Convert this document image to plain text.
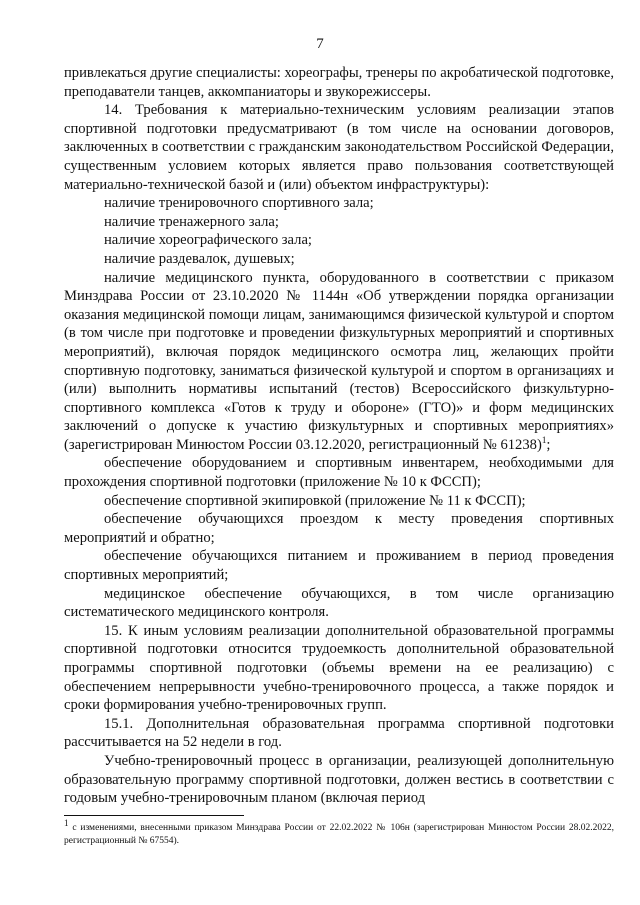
7

привлекаться другие специалисты: хореографы, тренеры по акробатической подготовке, преподаватели танцев, аккомпаниаторы и звукорежиссеры.

14. Требования к материально-техническим условиям реализации этапов спортивной подготовки предусматривают (в том числе на основании договоров, заключенных в соответствии с гражданским законодательством Российской Федерации, существенным условием которых является право пользования соответствующей материально-технической базой и (или) объектом инфраструктуры):

наличие тренировочного спортивного зала;

наличие тренажерного зала;

наличие хореографического зала;

наличие раздевалок, душевых;

наличие медицинского пункта, оборудованного в соответствии с приказом Минздрава России от 23.10.2020 № 1144н «Об утверждении порядка организации оказания медицинской помощи лицам, занимающимся физической культурой и спортом (в том числе при подготовке и проведении физкультурных мероприятий и спортивных мероприятий), включая порядок медицинского осмотра лиц, желающих пройти спортивную подготовку, заниматься физической культурой и спортом в организациях и (или) выполнить нормативы испытаний (тестов) Всероссийского физкультурно-спортивного комплекса «Готов к труду и обороне» (ГТО)» и форм медицинских заключений о допуске к участию физкультурных и спортивных мероприятиях» (зарегистрирован Минюстом России 03.12.2020, регистрационный № 61238)$^1$;

обеспечение оборудованием и спортивным инвентарем, необходимыми для прохождения спортивной подготовки (приложение № 10 к ФССП);

обеспечение спортивной экипировкой (приложение № 11 к ФССП);

обеспечение обучающихся проездом к месту проведения спортивных мероприятий и обратно;

обеспечение обучающихся питанием и проживанием в период проведения спортивных мероприятий;

медицинское обеспечение обучающихся, в том числе организацию систематического медицинского контроля.

15. К иным условиям реализации дополнительной образовательной программы спортивной подготовки относится трудоемкость дополнительной образовательной программы спортивной подготовки (объемы времени на ее реализацию) с обеспечением непрерывности учебно-тренировочного процесса, а также порядок и сроки формирования учебно-тренировочных групп.

15.1. Дополнительная образовательная программа спортивной подготовки рассчитывается на 52 недели в год.

Учебно-тренировочный процесс в организации, реализующей дополнительную образовательную программу спортивной подготовки, должен вестись в соответствии с годовым учебно-тренировочным планом (включая период

$^1$ с изменениями, внесенными приказом Минздрава России от 22.02.2022 № 106н (зарегистрирован Минюстом России 28.02.2022, регистрационный № 67554).
